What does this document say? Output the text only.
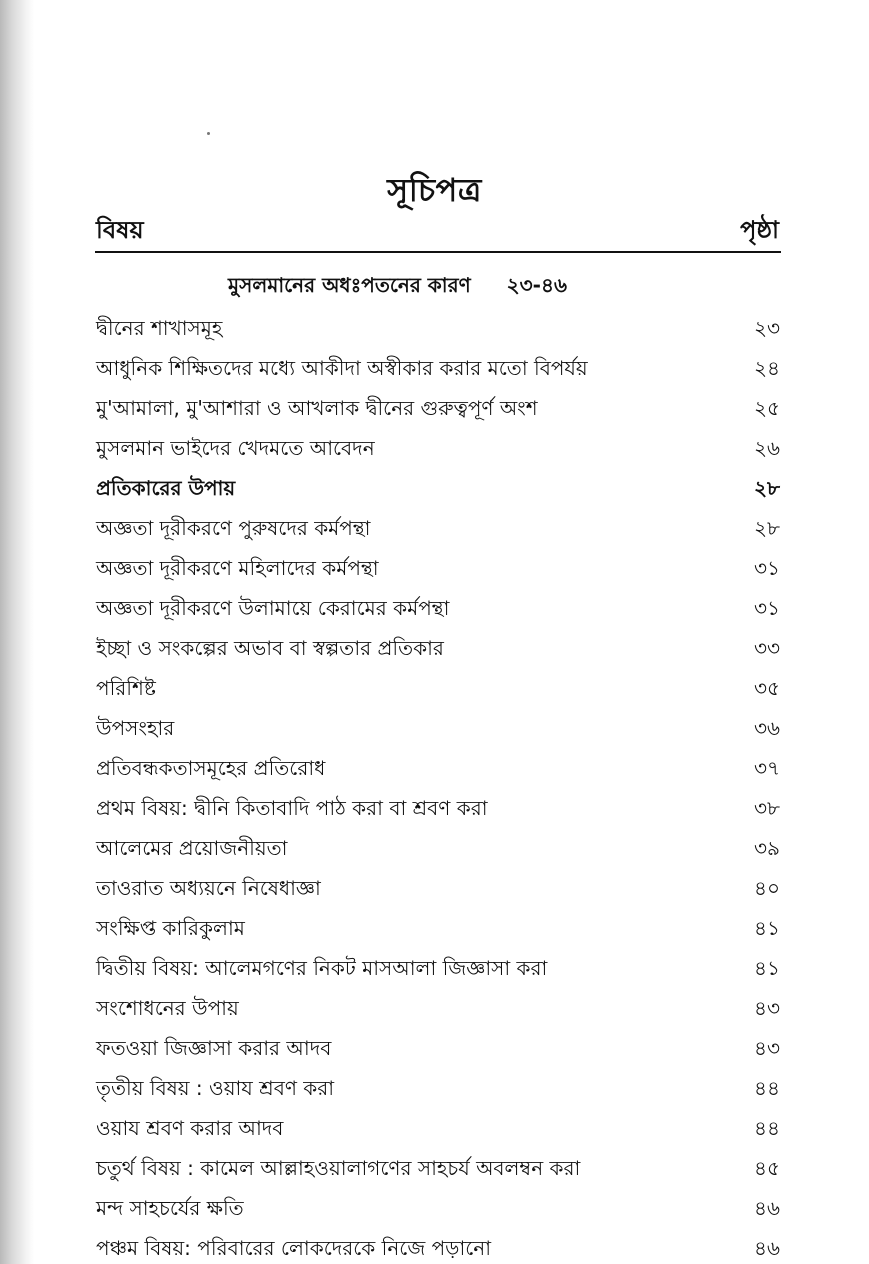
সূচিপত্র
বিষয়	পৃষ্ঠা
মুসলমানের অধঃপতনের কারণ ২৩-৪৬
দ্বীনের শাখাসমূহ	২৩
আধুনিক শিক্ষিতদের মধ্যে আকীদা অস্বীকার করার মতো বিপর্যয়	২৪
মু'আমালা, মু'আশারা ও আখলাক দ্বীনের গুরুত্বপূর্ণ অংশ	২৫
মুসলমান ভাইদের খেদমতে আবেদন	২৬
প্রতিকারের উপায়	২৮
অজ্ঞতা দূরীকরণে পুরুষদের কর্মপন্থা	২৮
অজ্ঞতা দূরীকরণে মহিলাদের কর্মপন্থা	৩১
অজ্ঞতা দূরীকরণে উলামায়ে কেরামের কর্মপন্থা	৩১
ইচ্ছা ও সংকল্পের অভাব বা স্বল্পতার প্রতিকার	৩৩
পরিশিষ্ট	৩৫
উপসংহার	৩৬
প্রতিবন্ধকতাসমূহের প্রতিরোধ	৩৭
প্রথম বিষয়: দ্বীনি কিতাবাদি পাঠ করা বা শ্রবণ করা	৩৮
আলেমের প্রয়োজনীয়তা	৩৯
তাওরাত অধ্যয়নে নিষেধাজ্ঞা	৪০
সংক্ষিপ্ত কারিকুলাম	৪১
দ্বিতীয় বিষয়: আলেমগণের নিকট মাসআলা জিজ্ঞাসা করা	৪১
সংশোধনের উপায়	৪৩
ফতওয়া জিজ্ঞাসা করার আদব	৪৩
তৃতীয় বিষয় : ওয়ায শ্রবণ করা	৪৪
ওয়ায শ্রবণ করার আদব	৪৪
চতুর্থ বিষয় : কামেল আল্লাহওয়ালাগণের সাহচর্য অবলম্বন করা	৪৫
মন্দ সাহচর্যের ক্ষতি	৪৬
পঞ্চম বিষয়: পরিবারের লোকদেরকে নিজে পড়ানো	৪৬
